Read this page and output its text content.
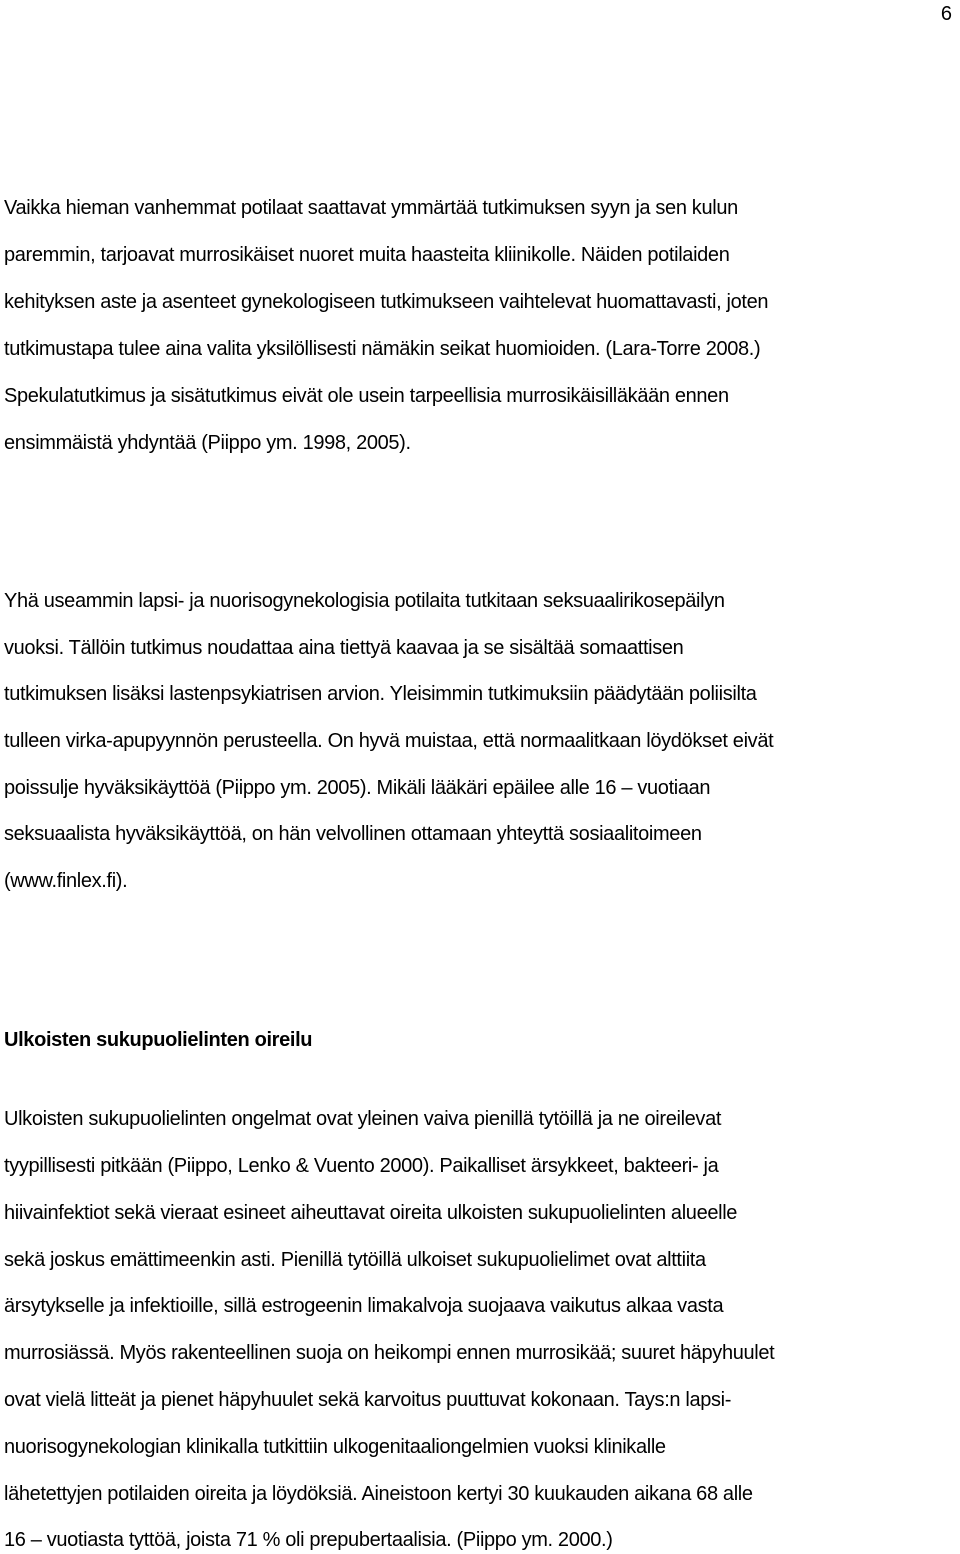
6
Vaikka hieman vanhemmat potilaat saattavat ymmärtää tutkimuksen syyn ja sen kulun
paremmin, tarjoavat murrosikäiset nuoret muita haasteita kliinikolle. Näiden potilaiden
kehityksen aste ja asenteet gynekologiseen tutkimukseen vaihtelevat huomattavasti, joten
tutkimustapa tulee aina valita yksilöllisesti nämäkin seikat huomioiden. (Lara-Torre 2008.)
Spekulatutkimus ja sisätutkimus eivät ole usein tarpeellisia murrosikäisilläkään ennen
ensimmäistä yhdyntää (Piippo ym. 1998, 2005).
Yhä useammin lapsi- ja nuorisogynekologisia potilaita tutkitaan seksuaalirikosepäilyn
vuoksi. Tällöin tutkimus noudattaa aina tiettyä kaavaa ja se sisältää somaattisen
tutkimuksen lisäksi lastenpsykiatrisen arvion. Yleisimmin tutkimuksiin päädytään poliisilta
tulleen virka-apupyynnön perusteella. On hyvä muistaa, että normaalitkaan löydökset eivät
poissulje hyväksikäyttöä (Piippo ym. 2005). Mikäli lääkäri epäilee alle 16 – vuotiaan
seksuaalista hyväksikäyttöä, on hän velvollinen ottamaan yhteyttä sosiaalitoimeen
(www.finlex.fi).
Ulkoisten sukupuolielinten oireilu
Ulkoisten sukupuolielinten ongelmat ovat yleinen vaiva pienillä tytöillä ja ne oireilevat
tyypillisesti pitkään (Piippo, Lenko & Vuento 2000). Paikalliset ärsykkeet, bakteeri- ja
hiivainfektiot sekä vieraat esineet aiheuttavat oireita ulkoisten sukupuolielinten alueelle
sekä joskus emättimeenkin asti. Pienillä tytöillä ulkoiset sukupuolielimet ovat alttiita
ärsytykselle ja infektioille, sillä estrogeenin limakalvoja suojaava vaikutus alkaa vasta
murrosiässä. Myös rakenteellinen suoja on heikompi ennen murrosikää; suuret häpyhuulet
ovat vielä litteät ja pienet häpyhuulet sekä karvoitus puuttuvat kokonaan. Tays:n lapsi-
nuorisogynekologian klinikalla tutkittiin ulkogenitaaliongelmien vuoksi klinikalle
lähetettyjen potilaiden oireita ja löydöksiä. Aineistoon kertyi 30 kuukauden aikana 68 alle
16 – vuotiasta tyttöä, joista 71 % oli prepubertaalisia. (Piippo ym. 2000.)
